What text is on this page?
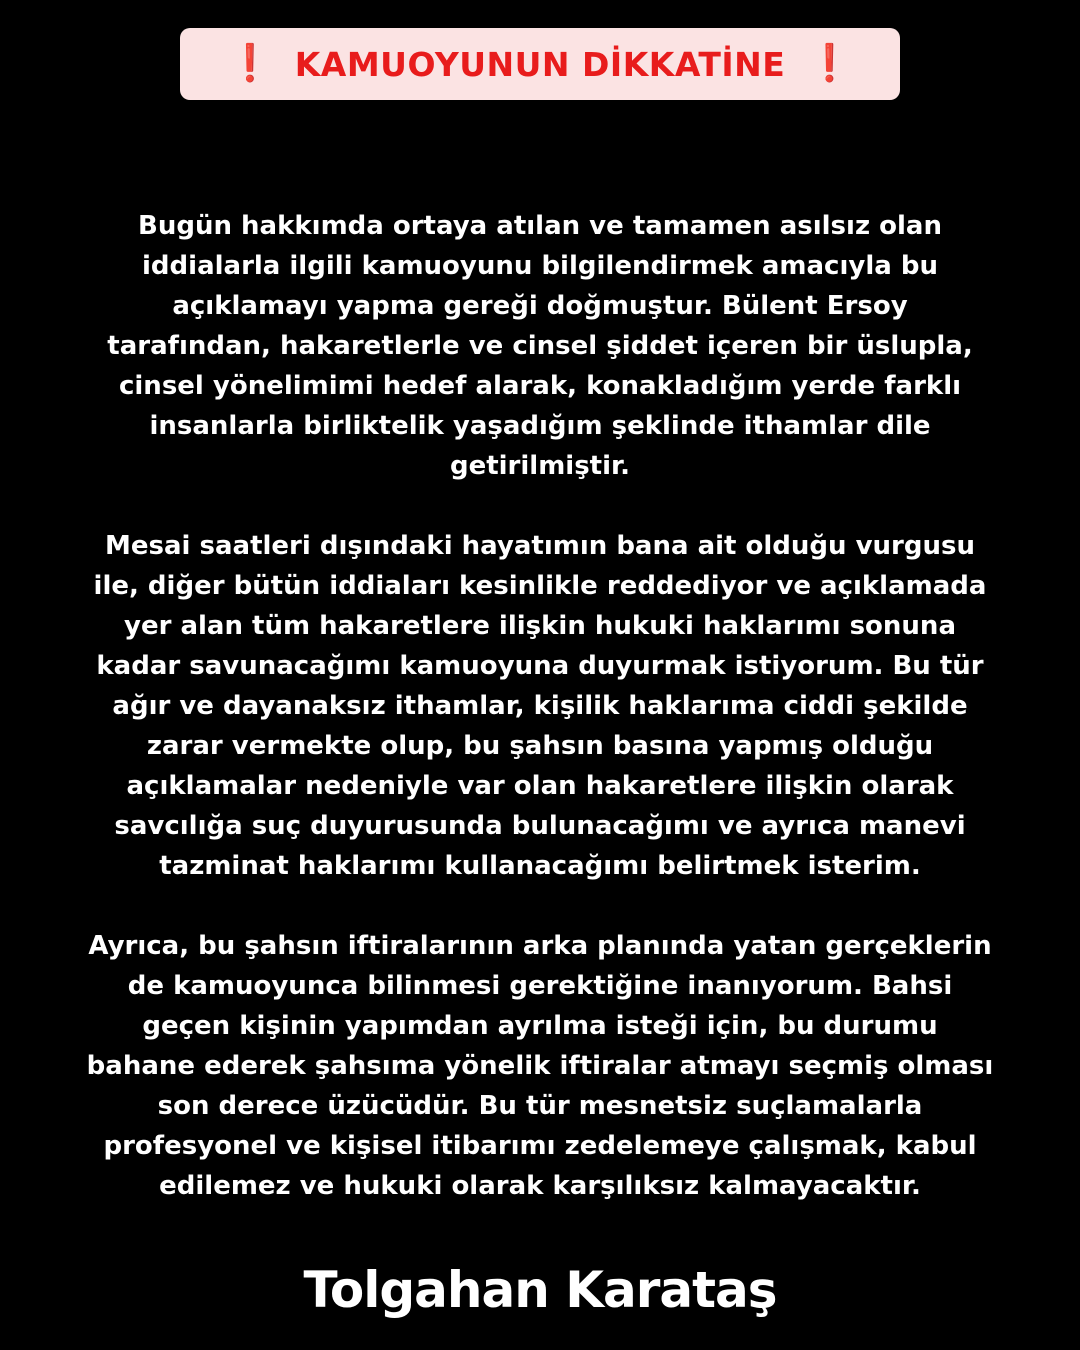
❗ KAMUOYUNUN DİKKATİNE ❗

Bugün hakkımda ortaya atılan ve tamamen asılsız olan
iddialarla ilgili kamuoyunu bilgilendirmek amacıyla bu
açıklamayı yapma gereği doğmuştur. Bülent Ersoy
tarafından, hakaretlerle ve cinsel şiddet içeren bir üslupla,
cinsel yönelimimi hedef alarak, konakladığım yerde farklı
insanlarla birliktelik yaşadığım şeklinde ithamlar dile
getirilmiştir.

Mesai saatleri dışındaki hayatımın bana ait olduğu vurgusu
ile, diğer bütün iddiaları kesinlikle reddediyor ve açıklamada
yer alan tüm hakaretlere ilişkin hukuki haklarımı sonuna
kadar savunacağımı kamuoyuna duyurmak istiyorum. Bu tür
ağır ve dayanaksız ithamlar, kişilik haklarıma ciddi şekilde
zarar vermekte olup, bu şahsın basına yapmış olduğu
açıklamalar nedeniyle var olan hakaretlere ilişkin olarak
savcılığa suç duyurusunda bulunacağımı ve ayrıca manevi
tazminat haklarımı kullanacağımı belirtmek isterim.

Ayrıca, bu şahsın iftiralarının arka planında yatan gerçeklerin
de kamuoyunca bilinmesi gerektiğine inanıyorum. Bahsi
geçen kişinin yapımdan ayrılma isteği için, bu durumu
bahane ederek şahsıma yönelik iftiralar atmayı seçmiş olması
son derece üzücüdür. Bu tür mesnetsiz suçlamalarla
profesyonel ve kişisel itibarımı zedelemeye çalışmak, kabul
edilemez ve hukuki olarak karşılıksız kalmayacaktır.

Tolgahan Karataş
